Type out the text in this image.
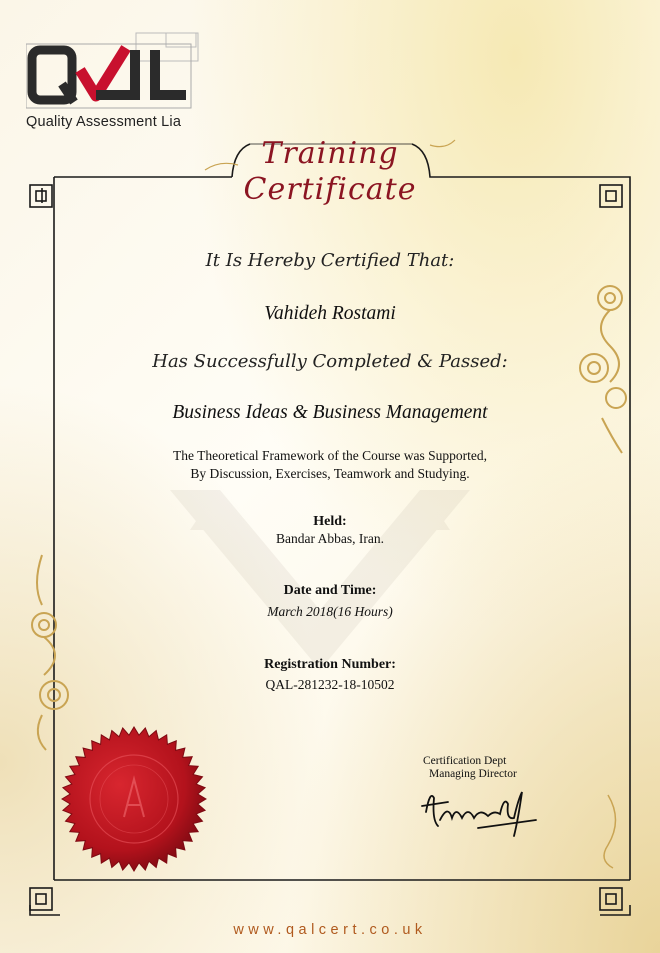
Quality Assessment Lia
Training
Certificate
It Is Hereby Certified That:
Vahideh Rostami
Has Successfully Completed & Passed:
Business Ideas & Business Management
The Theoretical Framework of the Course was Supported,
By Discussion, Exercises, Teamwork and Studying.
Held:
Bandar Abbas, Iran.
Date and Time:
March 2018(16 Hours)
Registration Number:
QAL-281232-18-10502
Certification Dept
Managing Director
www.qalcert.co.uk
